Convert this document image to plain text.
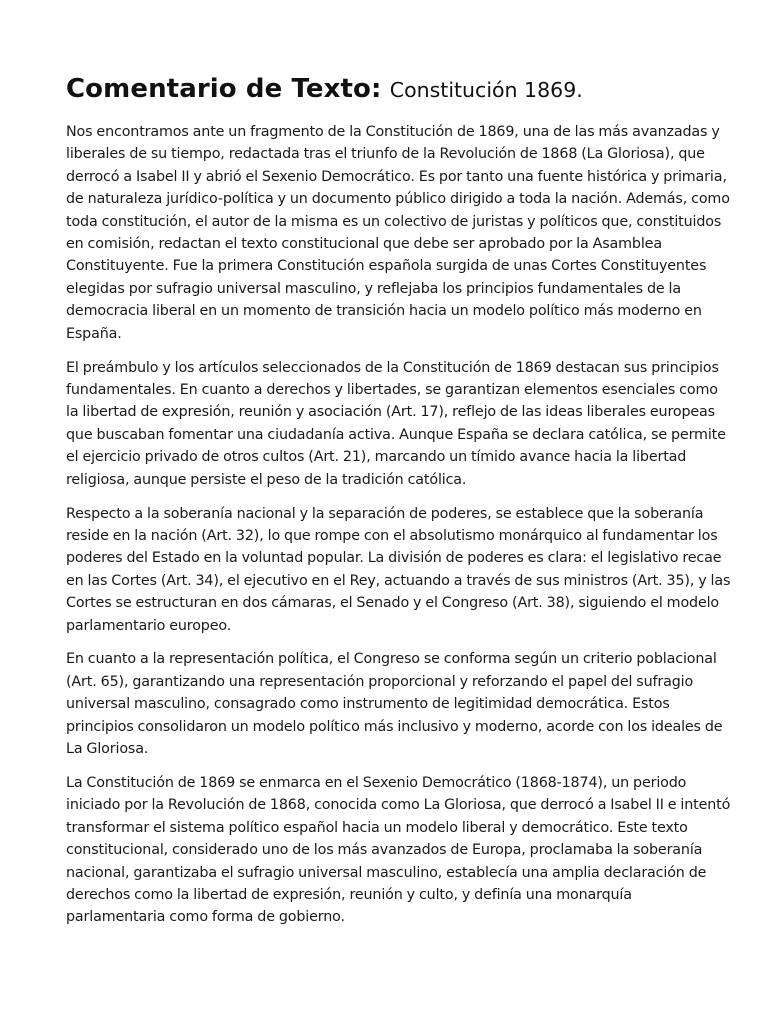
Comentario de Texto: Constitución 1869.

Nos encontramos ante un fragmento de la Constitución de 1869, una de las más avanzadas y liberales de su tiempo, redactada tras el triunfo de la Revolución de 1868 (La Gloriosa), que derrocó a Isabel II y abrió el Sexenio Democrático. Es por tanto una fuente histórica y primaria, de naturaleza jurídico-política y un documento público dirigido a toda la nación. Además, como toda constitución, el autor de la misma es un colectivo de juristas y políticos que, constituidos en comisión, redactan el texto constitucional que debe ser aprobado por la Asamblea Constituyente. Fue la primera Constitución española surgida de unas Cortes Constituyentes elegidas por sufragio universal masculino, y reflejaba los principios fundamentales de la democracia liberal en un momento de transición hacia un modelo político más moderno en España.

El preámbulo y los artículos seleccionados de la Constitución de 1869 destacan sus principios fundamentales. En cuanto a derechos y libertades, se garantizan elementos esenciales como la libertad de expresión, reunión y asociación (Art. 17), reflejo de las ideas liberales europeas que buscaban fomentar una ciudadanía activa. Aunque España se declara católica, se permite el ejercicio privado de otros cultos (Art. 21), marcando un tímido avance hacia la libertad religiosa, aunque persiste el peso de la tradición católica.

Respecto a la soberanía nacional y la separación de poderes, se establece que la soberanía reside en la nación (Art. 32), lo que rompe con el absolutismo monárquico al fundamentar los poderes del Estado en la voluntad popular. La división de poderes es clara: el legislativo recae en las Cortes (Art. 34), el ejecutivo en el Rey, actuando a través de sus ministros (Art. 35), y las Cortes se estructuran en dos cámaras, el Senado y el Congreso (Art. 38), siguiendo el modelo parlamentario europeo.

En cuanto a la representación política, el Congreso se conforma según un criterio poblacional (Art. 65), garantizando una representación proporcional y reforzando el papel del sufragio universal masculino, consagrado como instrumento de legitimidad democrática. Estos principios consolidaron un modelo político más inclusivo y moderno, acorde con los ideales de La Gloriosa.

La Constitución de 1869 se enmarca en el Sexenio Democrático (1868-1874), un periodo iniciado por la Revolución de 1868, conocida como La Gloriosa, que derrocó a Isabel II e intentó transformar el sistema político español hacia un modelo liberal y democrático. Este texto constitucional, considerado uno de los más avanzados de Europa, proclamaba la soberanía nacional, garantizaba el sufragio universal masculino, establecía una amplia declaración de derechos como la libertad de expresión, reunión y culto, y definía una monarquía parlamentaria como forma de gobierno.
